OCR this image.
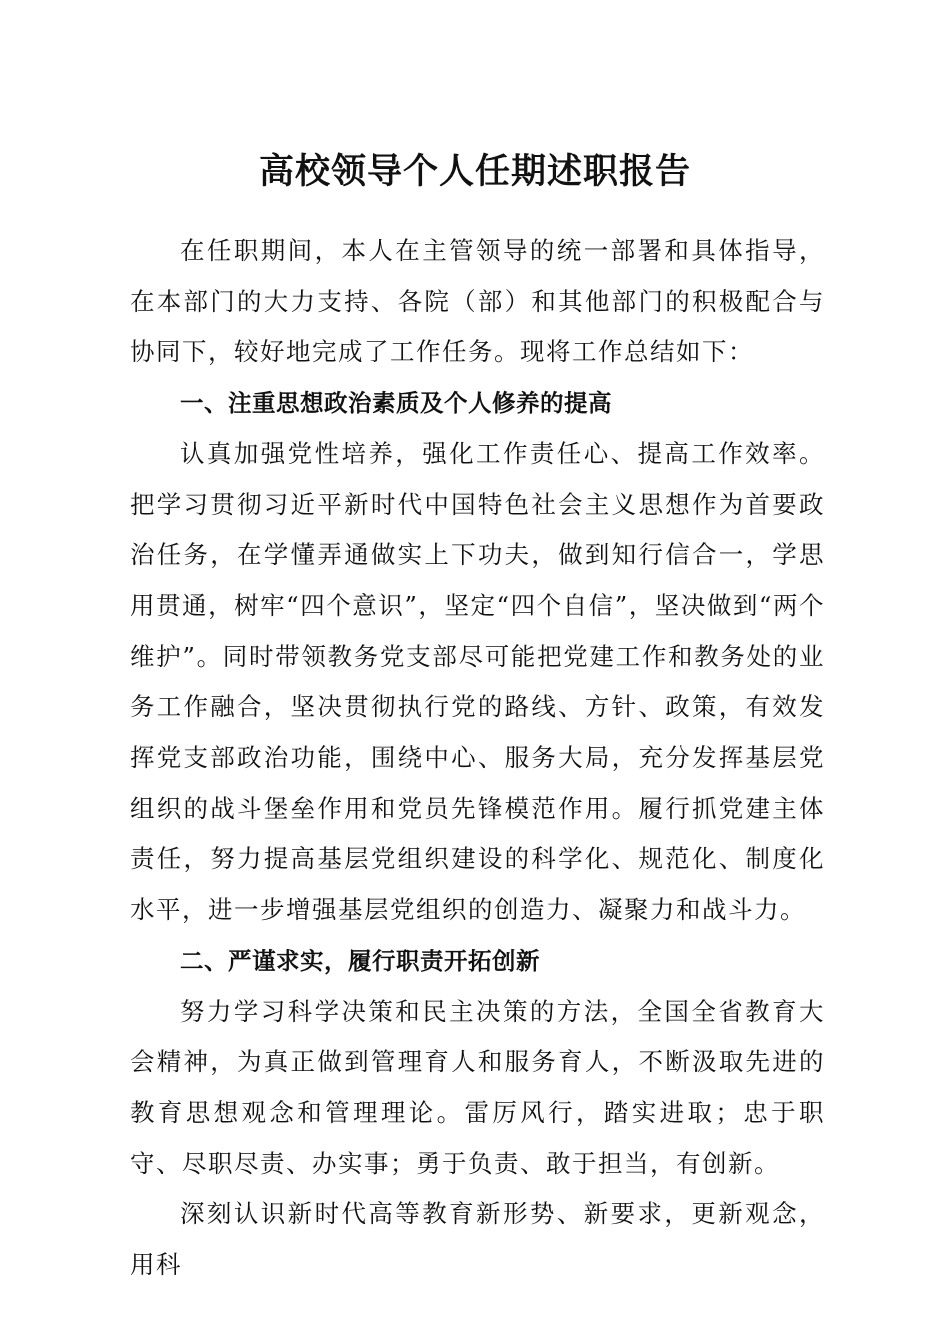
高校领导个人任期述职报告

在任职期间，本人在主管领导的统一部署和具体指导，在本部门的大力支持、各院（部）和其他部门的积极配合与协同下，较好地完成了工作任务。现将工作总结如下：

一、注重思想政治素质及个人修养的提高

认真加强党性培养，强化工作责任心、提高工作效率。把学习贯彻习近平新时代中国特色社会主义思想作为首要政治任务，在学懂弄通做实上下功夫，做到知行信合一，学思用贯通，树牢“四个意识”，坚定“四个自信”，坚决做到“两个维护”。同时带领教务党支部尽可能把党建工作和教务处的业务工作融合，坚决贯彻执行党的路线、方针、政策，有效发挥党支部政治功能，围绕中心、服务大局，充分发挥基层党组织的战斗堡垒作用和党员先锋模范作用。履行抓党建主体责任，努力提高基层党组织建设的科学化、规范化、制度化水平，进一步增强基层党组织的创造力、凝聚力和战斗力。

二、严谨求实，履行职责开拓创新

努力学习科学决策和民主决策的方法，全国全省教育大会精神，为真正做到管理育人和服务育人，不断汲取先进的教育思想观念和管理理论。雷厉风行，踏实进取；忠于职守、尽职尽责、办实事；勇于负责、敢于担当，有创新。

深刻认识新时代高等教育新形势、新要求，更新观念，用科
